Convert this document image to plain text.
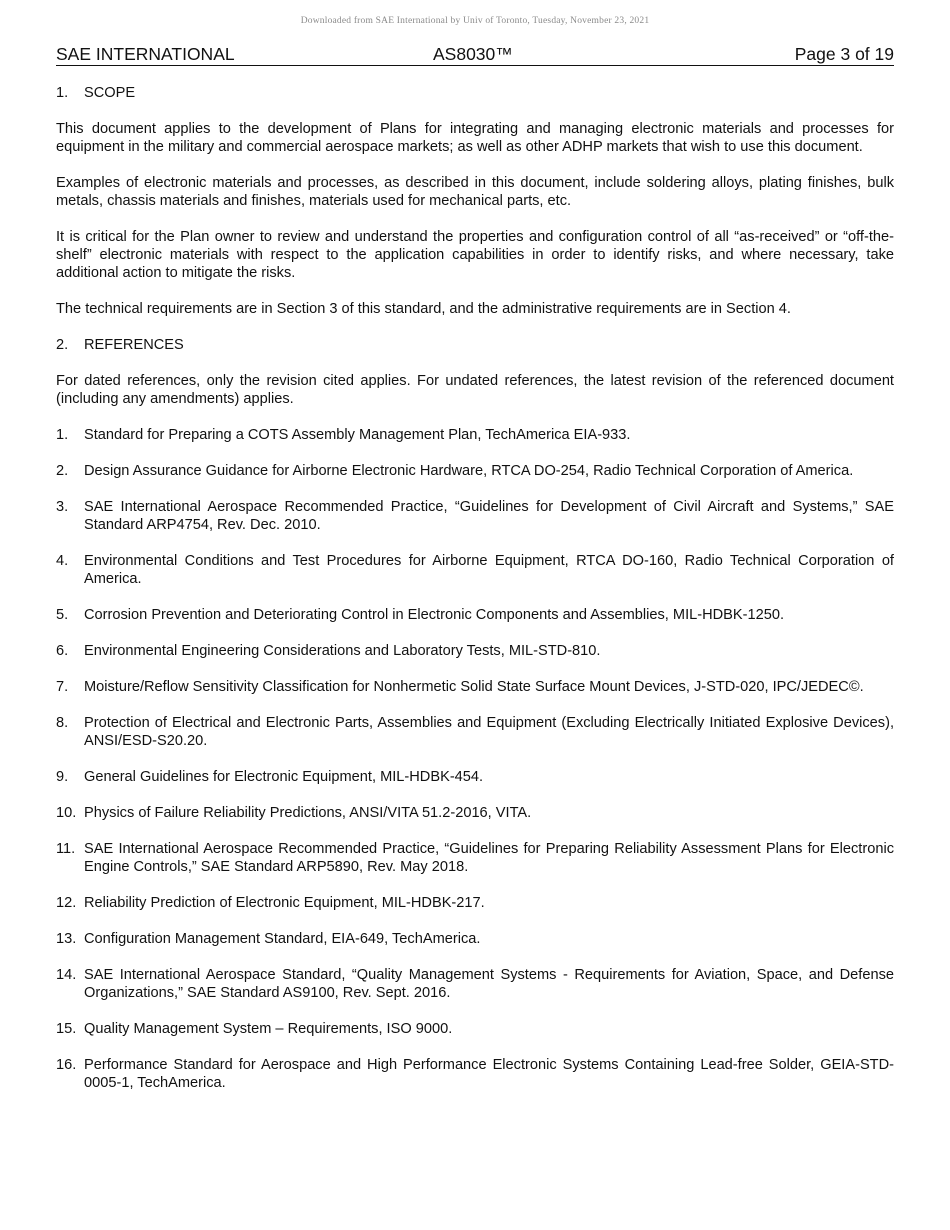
Downloaded from SAE International by Univ of Toronto, Tuesday, November 23, 2021
SAE INTERNATIONAL	AS8030™	Page 3 of 19
1.	SCOPE

This document applies to the development of Plans for integrating and managing electronic materials and processes for equipment in the military and commercial aerospace markets; as well as other ADHP markets that wish to use this document.

Examples of electronic materials and processes, as described in this document, include soldering alloys, plating finishes, bulk metals, chassis materials and finishes, materials used for mechanical parts, etc.

It is critical for the Plan owner to review and understand the properties and configuration control of all “as-received” or “off-the-shelf” electronic materials with respect to the application capabilities in order to identify risks, and where necessary, take additional action to mitigate the risks.

The technical requirements are in Section 3 of this standard, and the administrative requirements are in Section 4.

2.	REFERENCES

For dated references, only the revision cited applies. For undated references, the latest revision of the referenced document (including any amendments) applies.

1.	Standard for Preparing a COTS Assembly Management Plan, TechAmerica EIA-933.
2.	Design Assurance Guidance for Airborne Electronic Hardware, RTCA DO-254, Radio Technical Corporation of America.
3.	SAE International Aerospace Recommended Practice, “Guidelines for Development of Civil Aircraft and Systems,” SAE Standard ARP4754, Rev. Dec. 2010.
4.	Environmental Conditions and Test Procedures for Airborne Equipment, RTCA DO-160, Radio Technical Corporation of America.
5.	Corrosion Prevention and Deteriorating Control in Electronic Components and Assemblies, MIL-HDBK-1250.
6.	Environmental Engineering Considerations and Laboratory Tests, MIL-STD-810.
7.	Moisture/Reflow Sensitivity Classification for Nonhermetic Solid State Surface Mount Devices, J-STD-020, IPC/JEDEC©.
8.	Protection of Electrical and Electronic Parts, Assemblies and Equipment (Excluding Electrically Initiated Explosive Devices), ANSI/ESD-S20.20.
9.	General Guidelines for Electronic Equipment, MIL-HDBK-454.
10. Physics of Failure Reliability Predictions, ANSI/VITA 51.2-2016, VITA.
11. SAE International Aerospace Recommended Practice, “Guidelines for Preparing Reliability Assessment Plans for Electronic Engine Controls,” SAE Standard ARP5890, Rev. May 2018.
12. Reliability Prediction of Electronic Equipment, MIL-HDBK-217.
13. Configuration Management Standard, EIA-649, TechAmerica.
14. SAE International Aerospace Standard, “Quality Management Systems - Requirements for Aviation, Space, and Defense Organizations,” SAE Standard AS9100, Rev. Sept. 2016.
15. Quality Management System – Requirements, ISO 9000.
16. Performance Standard for Aerospace and High Performance Electronic Systems Containing Lead-free Solder, GEIA-STD-0005-1, TechAmerica.
